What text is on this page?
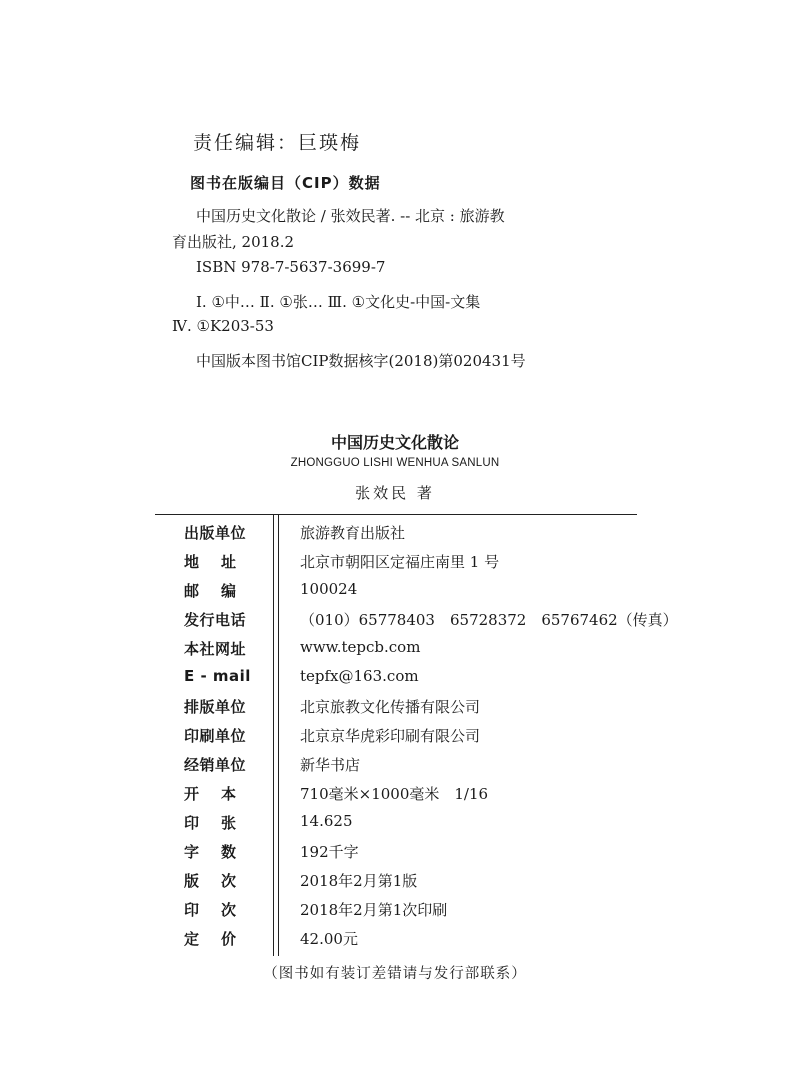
责任编辑：巨瑛梅
图书在版编目（CIP）数据
中国历史文化散论 / 张效民著. -- 北京 : 旅游教
育出版社, 2018.2
ISBN 978-7-5637-3699-7
Ⅰ. ①中… Ⅱ. ①张… Ⅲ. ①文化史-中国-文集
Ⅳ. ①K203-53
中国版本图书馆CIP数据核字(2018)第020431号
中国历史文化散论
ZHONGGUO LISHI WENHUA SANLUN
张效民 著
出版单位	旅游教育出版社
地 址	北京市朝阳区定福庄南里 1 号
邮 编	100024
发行电话	（010）65778403　65728372　65767462（传真）
本社网址	www.tepcb.com
E - mail	tepfx@163.com
排版单位	北京旅教文化传播有限公司
印刷单位	北京京华虎彩印刷有限公司
经销单位	新华书店
开 本	710毫米×1000毫米　1/16
印 张	14.625
字 数	192千字
版 次	2018年2月第1版
印 次	2018年2月第1次印刷
定 价	42.00元
（图书如有装订差错请与发行部联系）
